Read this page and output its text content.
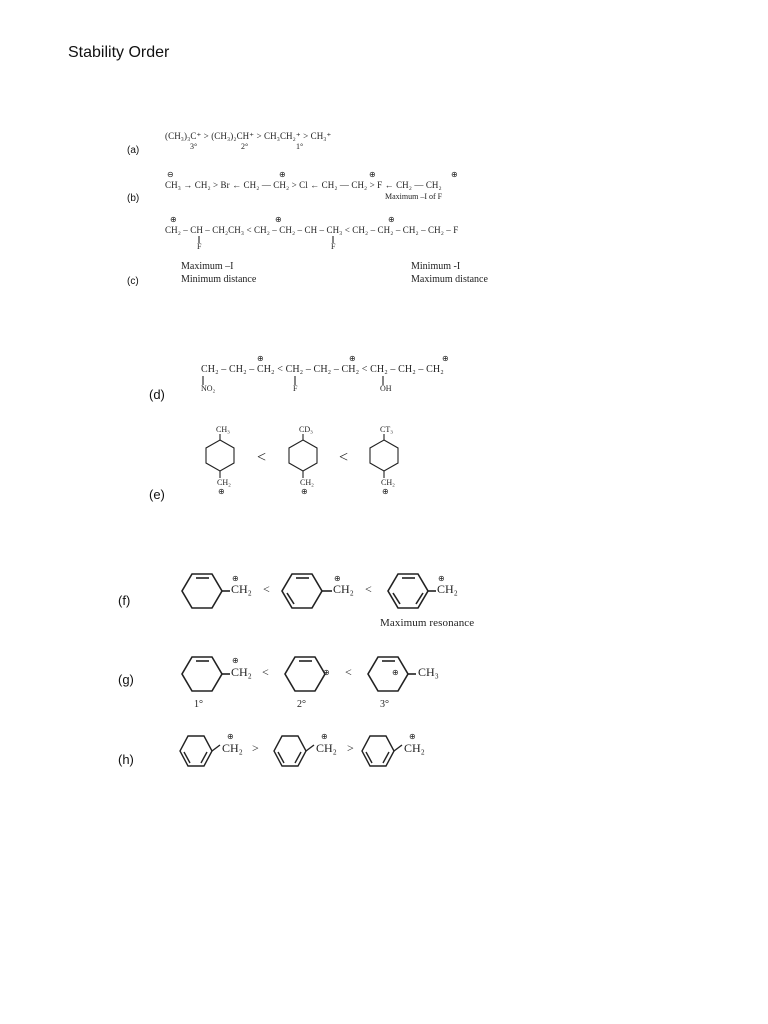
Stability Order
(a)
(CH₃)₃C⁺ > (CH₃)₂CH⁺ > CH₃CH₂⁺ > CH₃⁺
3°	2°	1°
(b)
⊖	⊕	⊕	⊕
CH₃ → CH₂ > Br ← CH₂ — CH₂ > Cl ← CH₂ — CH₂ > F ← CH₂ — CH₂
Maximum –I of F
⊕	⊕	⊕
CH₂ – CH – CH₂CH₃ < CH₂ – CH₂ – CH – CH₃ < CH₂ – CH₂ – CH₂ – CH₂ – F
F	F
Maximum –I
Minimum distance
Minimum -I
Maximum distance
(c)
⊕	⊕	⊕
CH₂ – CH₂ – CH₂ < CH₂ – CH₂ – CH₂ < CH₂ – CH₂ – CH₂
NO₂	F	OH
(d)
CH₃	CD₃	CT₃
<	<
CH₂	CH₂	CH₂
⊕	⊕	⊕
(e)
⊕
CH₂ <
⊕
CH₂ <
⊕
CH₂
(f)
Maximum resonance
⊕
CH₂ <	⊕ <	⊕ CH₃
(g)
1°	2°	3°
⊕
CH₂ >
⊕
CH₂ >
⊕
CH₂
(h)
